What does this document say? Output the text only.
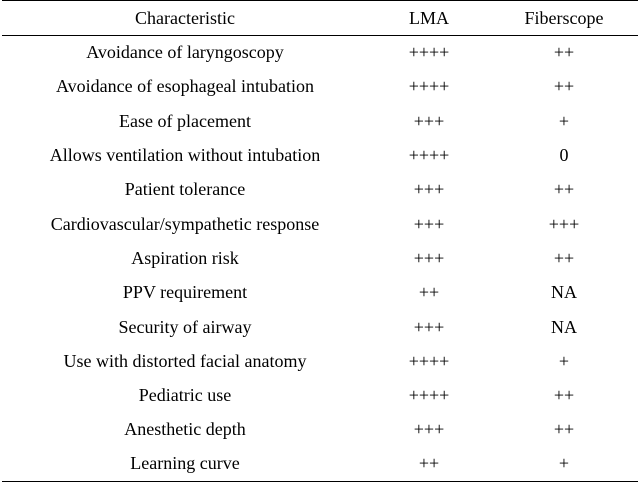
Characteristic	LMA	Fiberscope
Avoidance of laryngoscopy	++++	++
Avoidance of esophageal intubation	++++	++
Ease of placement	+++	+
Allows ventilation without intubation	++++	0
Patient tolerance	+++	++
Cardiovascular/sympathetic response	+++	+++
Aspiration risk	+++	++
PPV requirement	++	NA
Security of airway	+++	NA
Use with distorted facial anatomy	++++	+
Pediatric use	++++	++
Anesthetic depth	+++	++
Learning curve	++	+
